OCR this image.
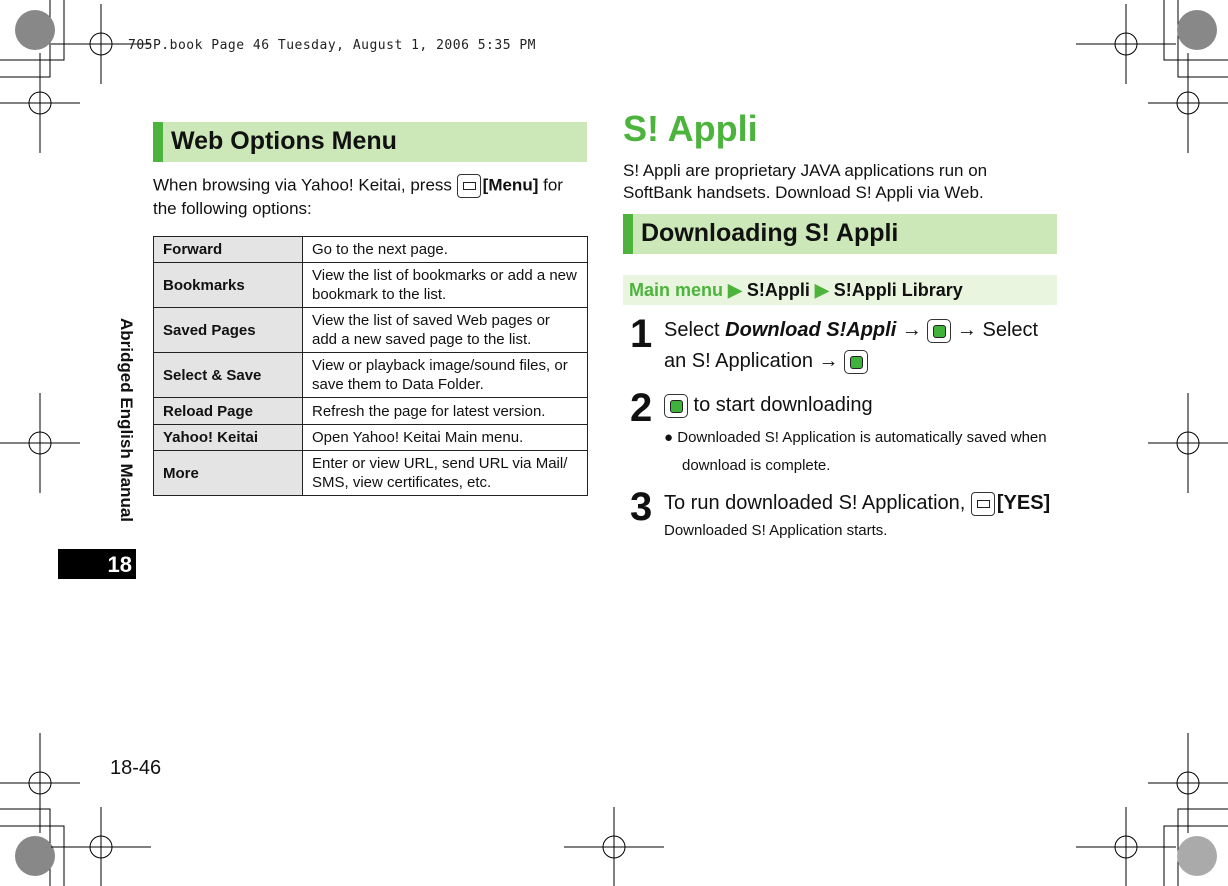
705P.book Page 46 Tuesday, August 1, 2006 5:35 PM
Abridged English Manual
18
18-46
Web Options Menu
When browsing via Yahoo! Keitai, press
[Menu] for the following options:
Forward	Go to the next page.
Bookmarks	View the list of bookmarks or add a new bookmark to the list.
Saved Pages	View the list of saved Web pages or add a new saved page to the list.
Select & Save	View or playback image/sound files, or save them to Data Folder.
Reload Page	Refresh the page for latest version.
Yahoo! Keitai	Open Yahoo! Keitai Main menu.
More	Enter or view URL, send URL via Mail/ SMS, view certificates, etc.
S! Appli
S! Appli are proprietary JAVA applications run on SoftBank handsets. Download S! Appli via Web.
Downloading S! Appli
Main menu ▶ S!Appli ▶ S!Appli Library
1 Select Download S!Appli →
→ Select an S! Application →
2	to start downloading
● Downloaded S! Application is automatically saved when download is complete.
3 To run downloaded S! Application,
[YES]
Downloaded S! Application starts.
